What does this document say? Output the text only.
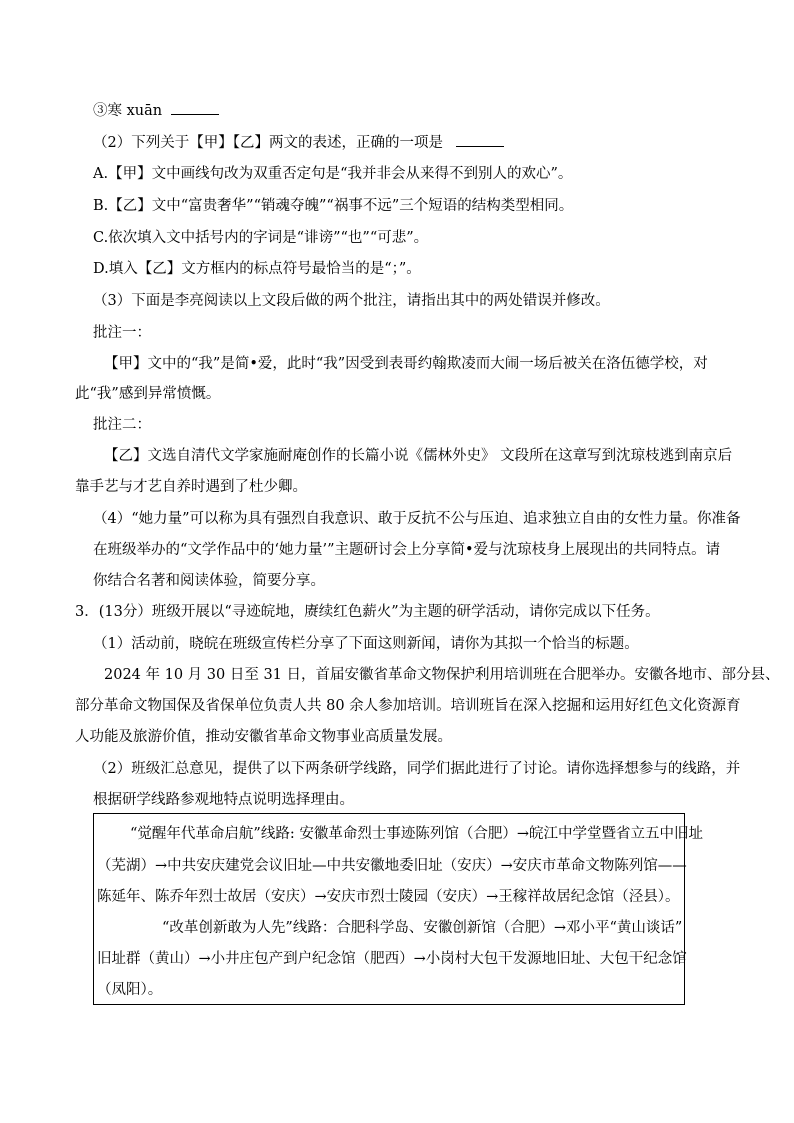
③寒 xuān
（2）下列关于【甲】【乙】两文的表述，正确的一项是
A.【甲】文中画线句改为双重否定句是“我并非会从来得不到别人的欢心”。
B.【乙】文中“富贵奢华”“销魂夺魄”“祸事不远”三个短语的结构类型相同。
C.依次填入文中括号内的字词是“诽谤”“也”“可悲”。
D.填入【乙】文方框内的标点符号最恰当的是“；”。
（3）下面是李亮阅读以上文段后做的两个批注，请指出其中的两处错误并修改。
批注一：
【甲】文中的“我”是简•爱，此时“我”因受到表哥约翰欺凌而大闹一场后被关在洛伍德学校，对
此“我”感到异常愤慨。
批注二：
【乙】文选自清代文学家施耐庵创作的长篇小说《儒林外史》 文段所在这章写到沈琼枝逃到南京后
靠手艺与才艺自养时遇到了杜少卿。
（4）“她力量”可以称为具有强烈自我意识、敢于反抗不公与压迫、追求独立自由的女性力量。你准备
在班级举办的“文学作品中的‘她力量’”主题研讨会上分享简•爱与沈琼枝身上展现出的共同特点。请
你结合名著和阅读体验，简要分享。
3．(13分）班级开展以“寻迹皖地，赓续红色薪火”为主题的研学活动，请你完成以下任务。
（1）活动前，晓皖在班级宣传栏分享了下面这则新闻，请你为其拟一个恰当的标题。
2024 年 10 月 30 日至 31 日，首届安徽省革命文物保护利用培训班在合肥举办。安徽各地市、部分县、
部分革命文物国保及省保单位负责人共 80 余人参加培训。培训班旨在深入挖掘和运用好红色文化资源育
人功能及旅游价值，推动安徽省革命文物事业高质量发展。
（2）班级汇总意见，提供了以下两条研学线路，同学们据此进行了讨论。请你选择想参与的线路，并
根据研学线路参观地特点说明选择理由。
“觉醒年代革命启航”线路: 安徽革命烈士事迹陈列馆（合肥）→皖江中学堂暨省立五中旧址
（芜湖）→中共安庆建党会议旧址—中共安徽地委旧址（安庆）→安庆市革命文物陈列馆——
陈延年、陈乔年烈士故居（安庆）→安庆市烈士陵园（安庆）→王稼祥故居纪念馆（泾县）。
“改革创新敢为人先”线路：合肥科学岛、安徽创新馆（合肥）→邓小平“黄山谈话”
旧址群（黄山）→小井庄包产到户纪念馆（肥西）→小岗村大包干发源地旧址、大包干纪念馆
（凤阳）。
